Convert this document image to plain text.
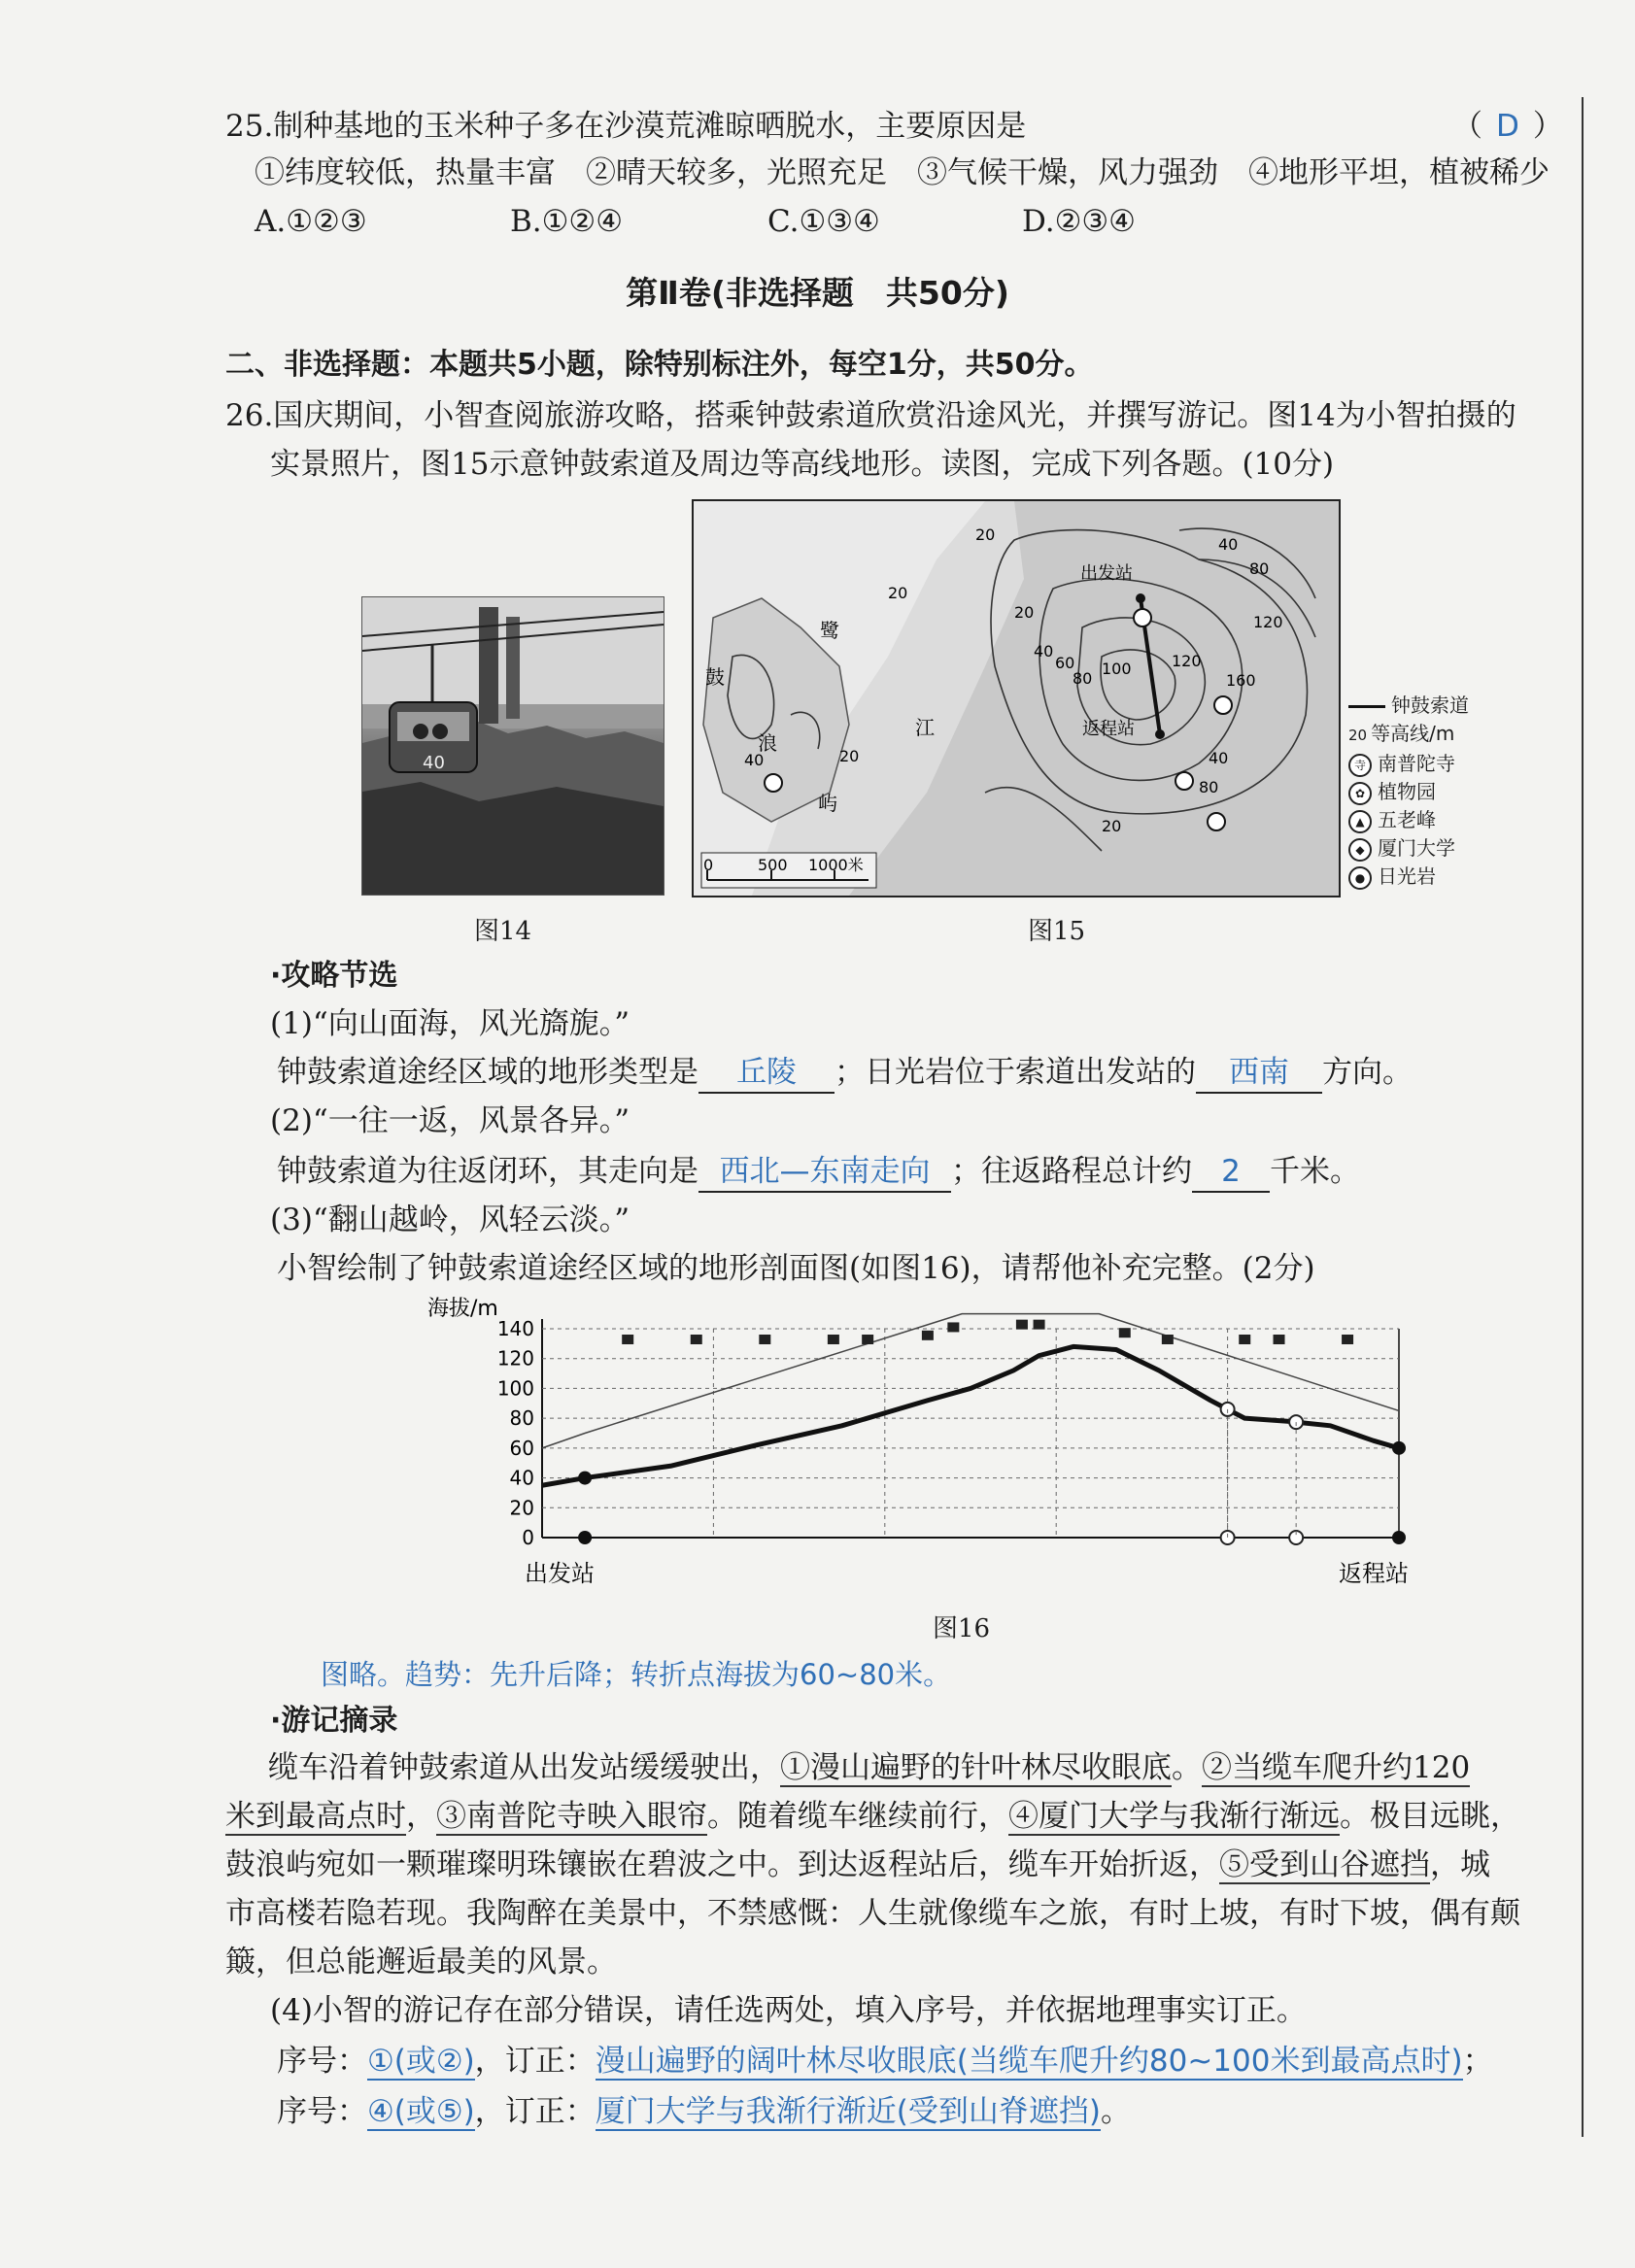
25.制种基地的玉米种子多在沙漠荒滩晾晒脱水，主要原因是	（ D ）
①纬度较低，热量丰富　②晴天较多，光照充足　③气候干燥，风力强劲　④地形平坦，植被稀少
A.①②③	B.①②④	C.①③④	D.②③④
第Ⅱ卷(非选择题　共50分)
二、非选择题：本题共5小题，除特别标注外，每空1分，共50分。
26.国庆期间，小智查阅旅游攻略，搭乘钟鼓索道欣赏沿途风光，并撰写游记。图14为小智拍摄的
实景照片，图15示意钟鼓索道及周边等高线地形。读图，完成下列各题。(10分)
40
图14
出发站
返程站
鼓
浪
屿
鹭
江
20
40	20
40
60
80
100	120
40
80
120
160
20
20
40
80
20
0	500 1000米
钟鼓索道
20 等高线/m
寺 南普陀寺
✿ 植物园
▲ 五老峰
◆ 厦门大学
● 日光岩
图15
·攻略节选
(1)“向山面海，风光旖旎。”
钟鼓索道途经区域的地形类型是 丘陵 ；日光岩位于索道出发站的 西南 方向。
(2)“一往一返，风景各异。”
钟鼓索道为往返闭环，其走向是 西北—东南走向 ；往返路程总计约 2 千米。
(3)“翻山越岭，风轻云淡。”
小智绘制了钟鼓索道途经区域的地形剖面图(如图16)，请帮他补充完整。(2分)
海拔/m
0
20
40
60
80
100
120
140
出发站	返程站
图16
图略。趋势：先升后降；转折点海拔为60~80米。
·游记摘录
缆车沿着钟鼓索道从出发站缓缓驶出，①漫山遍野的针叶林尽收眼底。②当缆车爬升约120
米到最高点时，③南普陀寺映入眼帘。随着缆车继续前行，④厦门大学与我渐行渐远。极目远眺，
鼓浪屿宛如一颗璀璨明珠镶嵌在碧波之中。到达返程站后，缆车开始折返，⑤受到山谷遮挡，城
市高楼若隐若现。我陶醉在美景中，不禁感慨：人生就像缆车之旅，有时上坡，有时下坡，偶有颠
簸，但总能邂逅最美的风景。
(4)小智的游记存在部分错误，请任选两处，填入序号，并依据地理事实订正。
序号：①(或②)，订正：漫山遍野的阔叶林尽收眼底(当缆车爬升约80~100米到最高点时)；
序号：④(或⑤)，订正：厦门大学与我渐行渐近(受到山脊遮挡)。
